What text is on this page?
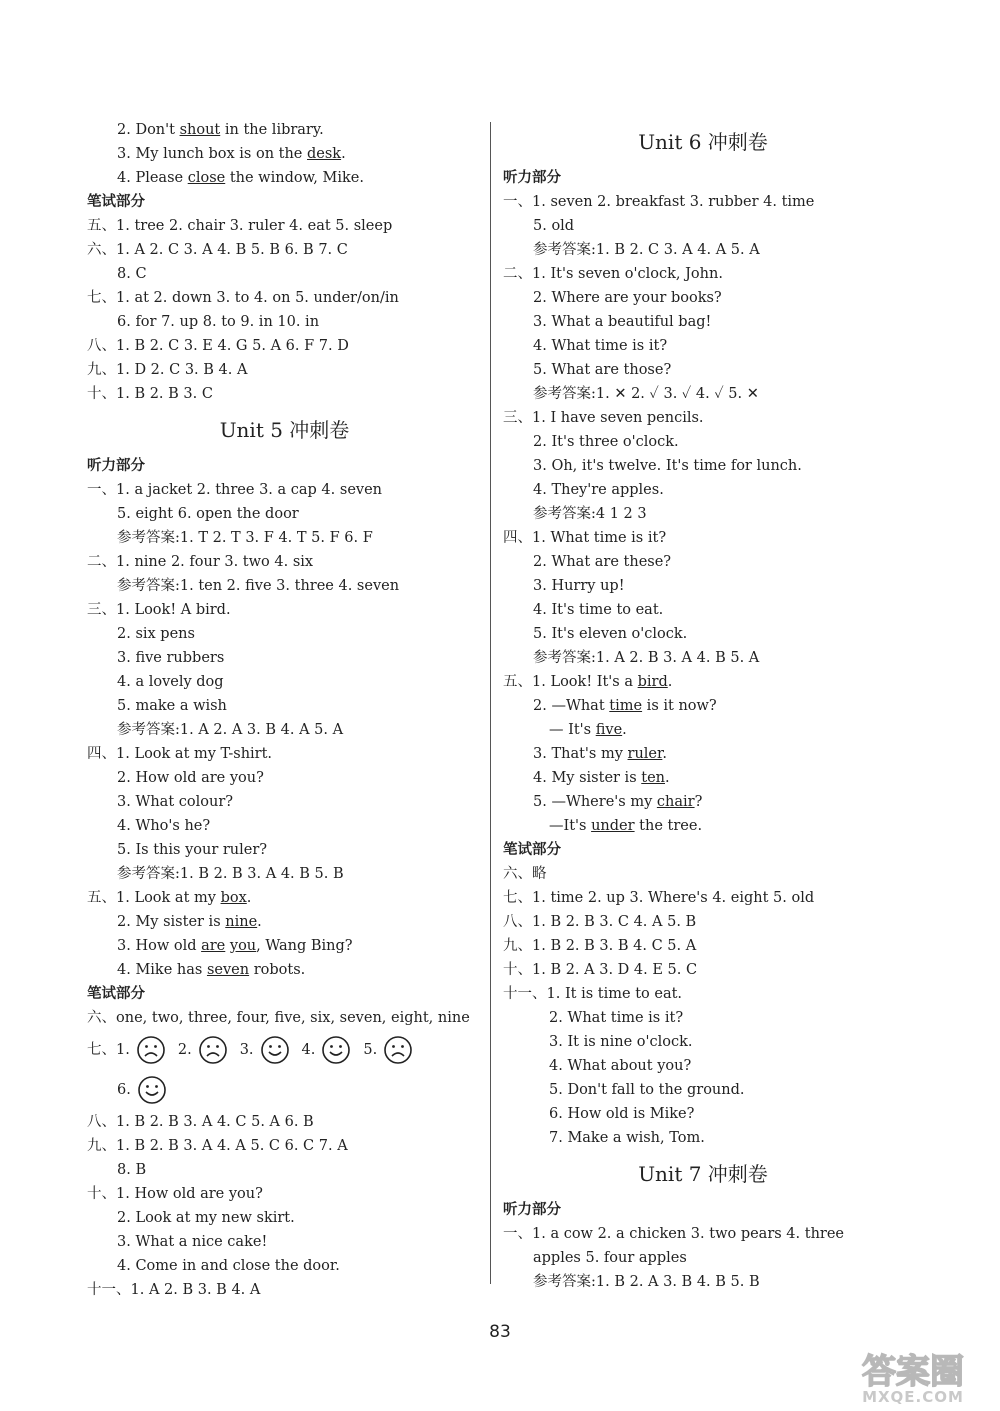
2. Don't shout in the library.
3. My lunch box is on the desk.
4. Please close the window, Mike.
笔试部分
五、1. tree 2. chair 3. ruler 4. eat 5. sleep
六、1. A 2. C 3. A 4. B 5. B 6. B 7. C
8. C
七、1. at 2. down 3. to 4. on 5. under/on/in
6. for 7. up 8. to 9. in 10. in
八、1. B 2. C 3. E 4. G 5. A 6. F 7. D
九、1. D 2. C 3. B 4. A
十、1. B 2. B 3. C
Unit 5 冲刺卷
听力部分
一、1. a jacket 2. three 3. a cap 4. seven
5. eight 6. open the door
参考答案:1. T 2. T 3. F 4. T 5. F 6. F
二、1. nine 2. four 3. two 4. six
参考答案:1. ten 2. five 3. three 4. seven
三、1. Look! A bird.
2. six pens
3. five rubbers
4. a lovely dog
5. make a wish
参考答案:1. A 2. A 3. B 4. A 5. A
四、1. Look at my T-shirt.
2. How old are you?
3. What colour?
4. Who's he?
5. Is this your ruler?
参考答案:1. B 2. B 3. A 4. B 5. B
五、1. Look at my box.
2. My sister is nine.
3. How old are you, Wang Bing?
4. Mike has seven robots.
笔试部分
六、one, two, three, four, five, six, seven, eight, nine
七、1.	2.	3.	4.	5.
6.
八、1. B 2. B 3. A 4. C 5. A 6. B
九、1. B 2. B 3. A 4. A 5. C 6. C 7. A
8. B
十、1. How old are you?
2. Look at my new skirt.
3. What a nice cake!
4. Come in and close the door.
十一、1. A 2. B 3. B 4. A
Unit 6 冲刺卷
听力部分
一、1. seven 2. breakfast 3. rubber 4. time
5. old
参考答案:1. B 2. C 3. A 4. A 5. A
二、1. It's seven o'clock, John.
2. Where are your books?
3. What a beautiful bag!
4. What time is it?
5. What are those?
参考答案:1. ✕ 2. ✓ 3. ✓ 4. ✓ 5. ✕
三、1. I have seven pencils.
2. It's three o'clock.
3. Oh, it's twelve. It's time for lunch.
4. They're apples.
参考答案:4 1 2 3
四、1. What time is it?
2. What are these?
3. Hurry up!
4. It's time to eat.
5. It's eleven o'clock.
参考答案:1. A 2. B 3. A 4. B 5. A
五、1. Look! It's a bird.
2. —What time is it now?
— It's five.
3. That's my ruler.
4. My sister is ten.
5. —Where's my chair?
—It's under the tree.
笔试部分
六、略
七、1. time 2. up 3. Where's 4. eight 5. old
八、1. B 2. B 3. C 4. A 5. B
九、1. B 2. B 3. B 4. C 5. A
十、1. B 2. A 3. D 4. E 5. C
十一、1. It is time to eat.
2. What time is it?
3. It is nine o'clock.
4. What about you?
5. Don't fall to the ground.
6. How old is Mike?
7. Make a wish, Tom.
Unit 7 冲刺卷
听力部分
一、1. a cow 2. a chicken 3. two pears 4. three
apples 5. four apples
参考答案:1. B 2. A 3. B 4. B 5. B
83
答案圈
MXQE.COM
